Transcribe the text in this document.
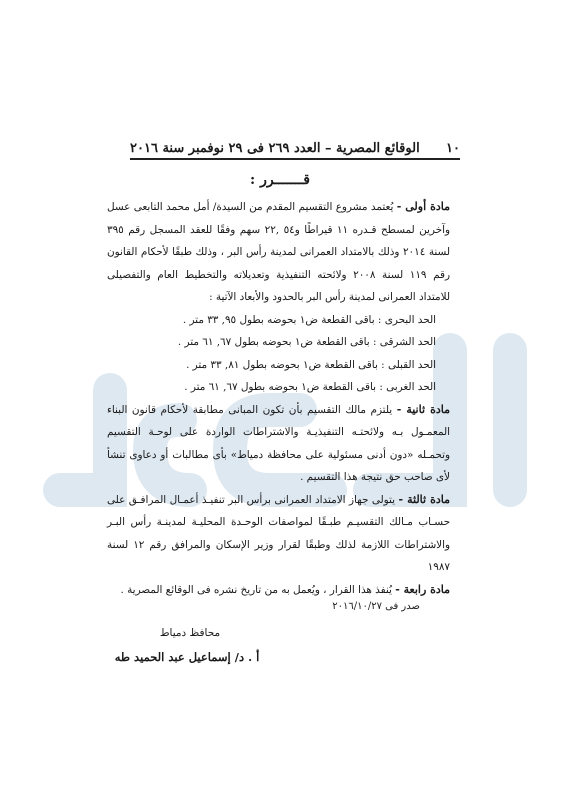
١٠
الوقائع المصرية – العدد ٢٦٩ فى ٢٩ نوفمبر سنة ٢٠١٦
قـــــــرر :

مادة أولى - يُعتمد مشروع التقسيم المقدم من السيدة/ أمل محمد التابعى عسل وآخرين لمسطح قـدره ١١ قيراطًا و٥٤ ,٢٢ سهم وفقًا للعقد المسجل رقم ٣٩٥ لسنة ٢٠١٤ وذلك بالامتداد العمرانى لمدينة رأس البر ، وذلك طبقًا لأحكام القانون رقم ١١٩ لسنة ٢٠٠٨ ولائحته التنفيذية وتعديلاته والتخطيط العام والتفصيلى للامتداد العمرانى لمدينة رأس البر بالحدود والأبعاد الآتية :

الحد البحرى : باقى القطعة ض١ بحوضه بطول ٩٥, ٣٣ متر .
الحد الشرقى : باقى القطعة ض١ بحوضه بطول ٦٧, ٦١ متر .
الحد القبلى : باقى القطعة ض١ بحوضه بطول ٨١, ٣٣ متر .
الحد الغربى : باقى القطعة ض١ بحوضه بطول ٦٧, ٦١ متر .

مادة ثانية - يلتزم مالك التقسيم بأن تكون المبانى مطابقة لأحكام قانون البناء المعمـول بـه ولائحتـه التنفيذيـة والاشتراطات الواردة على لوحـة التقسيم وتحمـله «دون أدنى مسئولية على محافظة دمياط» بأى مطالبات أو دعاوى تنشأ لأى صاحب حق نتيجة هذا التقسيم .

مادة ثالثة - يتولى جهاز الامتداد العمرانى برأس البر تنفيـذ أعمـال المرافـق على حسـاب مـالك التقسيـم طبـقًا لمواصفات الوحـدة المحليـة لمدينـة رأس البـر والاشتراطات اللازمة لذلك وطبقًا لقرار وزير الإسكان والمرافق رقم ١٢ لسنة ١٩٨٧

مادة رابعة - يُنفذ هذا القرار ، ويُعمل به من تاريخ نشره فى الوقائع المصرية .

صدر فى ٢٠١٦/١٠/٢٧
محافظ دمياط
أ . د/ إسماعيل عبد الحميد طه
